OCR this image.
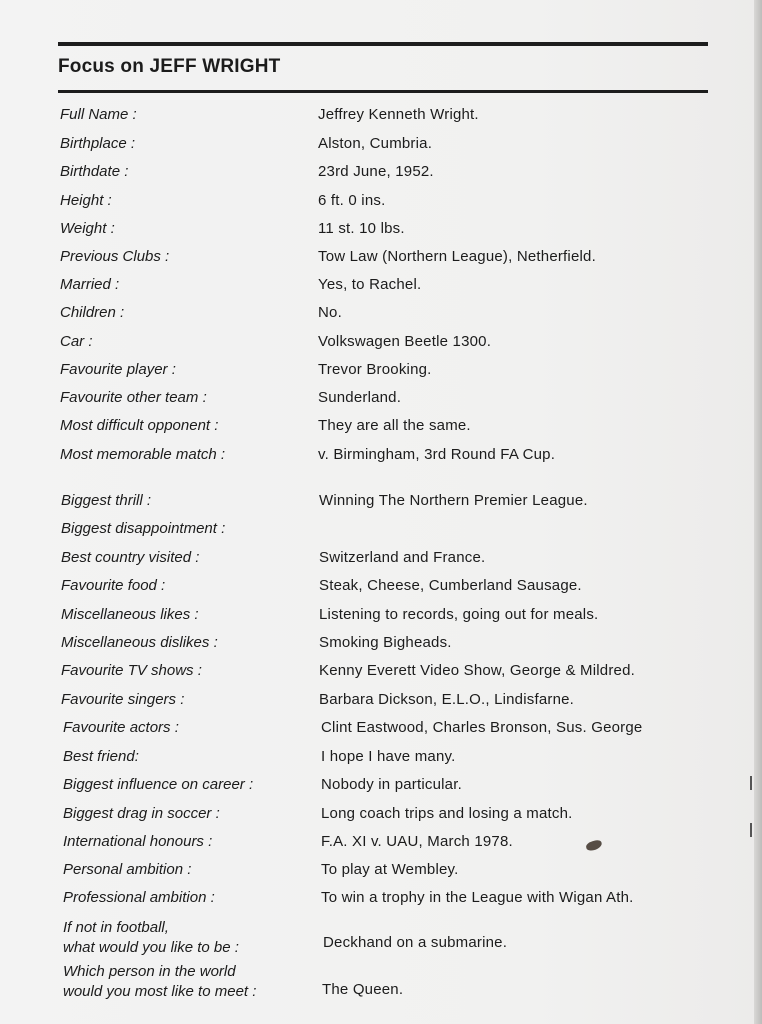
Focus on JEFF WRIGHT
Full Name :	Jeffrey Kenneth Wright.
Birthplace :	Alston, Cumbria.
Birthdate :	23rd June, 1952.
Height :	6 ft. 0 ins.
Weight :	11 st. 10 lbs.
Previous Clubs :	Tow Law (Northern League), Netherfield.
Married :	Yes, to Rachel.
Children :	No.
Car :	Volkswagen Beetle 1300.
Favourite player :	Trevor Brooking.
Favourite other team :	Sunderland.
Most difficult opponent :	They are all the same.
Most memorable match :	v. Birmingham, 3rd Round FA Cup.
Biggest thrill :	Winning The Northern Premier League.
Biggest disappointment :
Best country visited :	Switzerland and France.
Favourite food :	Steak, Cheese, Cumberland Sausage.
Miscellaneous likes :	Listening to records, going out for meals.
Miscellaneous dislikes :	Smoking Bigheads.
Favourite TV shows :	Kenny Everett Video Show, George & Mildred.
Favourite singers :	Barbara Dickson, E.L.O., Lindisfarne.
Favourite actors :	Clint Eastwood, Charles Bronson, Sus. George
Best friend:	I hope I have many.
Biggest influence on career :	Nobody in particular.
Biggest drag in soccer :	Long coach trips and losing a match.
International honours :	F.A. XI v. UAU, March 1978.
Personal ambition :	To play at Wembley.
Professional ambition :	To win a trophy in the League with Wigan Ath.
If not in football,
what would you like to be :	Deckhand on a submarine.
Which person in the world
would you most like to meet :	The Queen.
